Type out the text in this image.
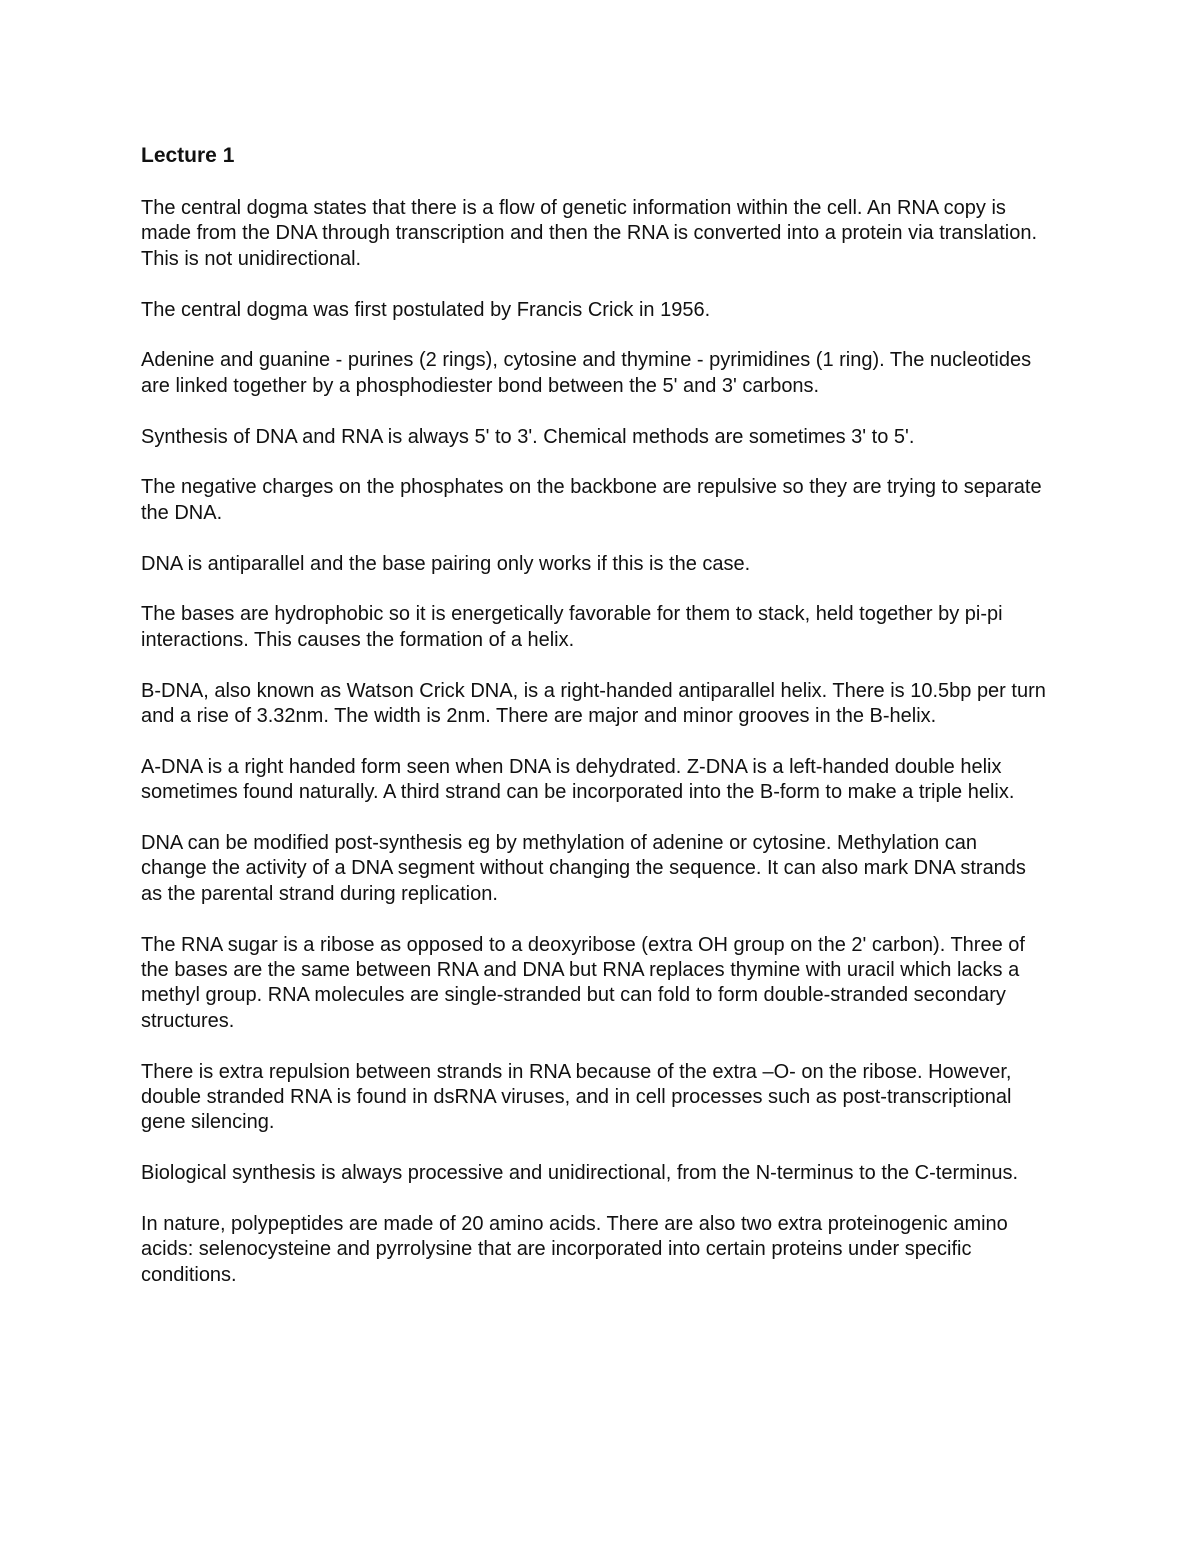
Lecture 1

The central dogma states that there is a flow of genetic information within the cell. An RNA copy is made from the DNA through transcription and then the RNA is converted into a protein via translation. This is not unidirectional.

The central dogma was first postulated by Francis Crick in 1956.

Adenine and guanine - purines (2 rings), cytosine and thymine - pyrimidines (1 ring). The nucleotides are linked together by a phosphodiester bond between the 5' and 3' carbons.

Synthesis of DNA and RNA is always 5' to 3'. Chemical methods are sometimes 3' to 5'.

The negative charges on the phosphates on the backbone are repulsive so they are trying to separate the DNA.

DNA is antiparallel and the base pairing only works if this is the case.

The bases are hydrophobic so it is energetically favorable for them to stack, held together by pi-pi interactions. This causes the formation of a helix.

B-DNA, also known as Watson Crick DNA, is a right-handed antiparallel helix. There is 10.5bp per turn and a rise of 3.32nm. The width is 2nm. There are major and minor grooves in the B-helix.

A-DNA is a right handed form seen when DNA is dehydrated. Z-DNA is a left-handed double helix sometimes found naturally. A third strand can be incorporated into the B-form to make a triple helix.

DNA can be modified post-synthesis eg by methylation of adenine or cytosine. Methylation can change the activity of a DNA segment without changing the sequence. It can also mark DNA strands as the parental strand during replication.

The RNA sugar is a ribose as opposed to a deoxyribose (extra OH group on the 2' carbon). Three of the bases are the same between RNA and DNA but RNA replaces thymine with uracil which lacks a methyl group. RNA molecules are single-stranded but can fold to form double-stranded secondary structures.

There is extra repulsion between strands in RNA because of the extra –O- on the ribose. However, double stranded RNA is found in dsRNA viruses, and in cell processes such as post-transcriptional gene silencing.

Biological synthesis is always processive and unidirectional, from the N-terminus to the C-terminus.

In nature, polypeptides are made of 20 amino acids. There are also two extra proteinogenic amino acids: selenocysteine and pyrrolysine that are incorporated into certain proteins under specific conditions.
